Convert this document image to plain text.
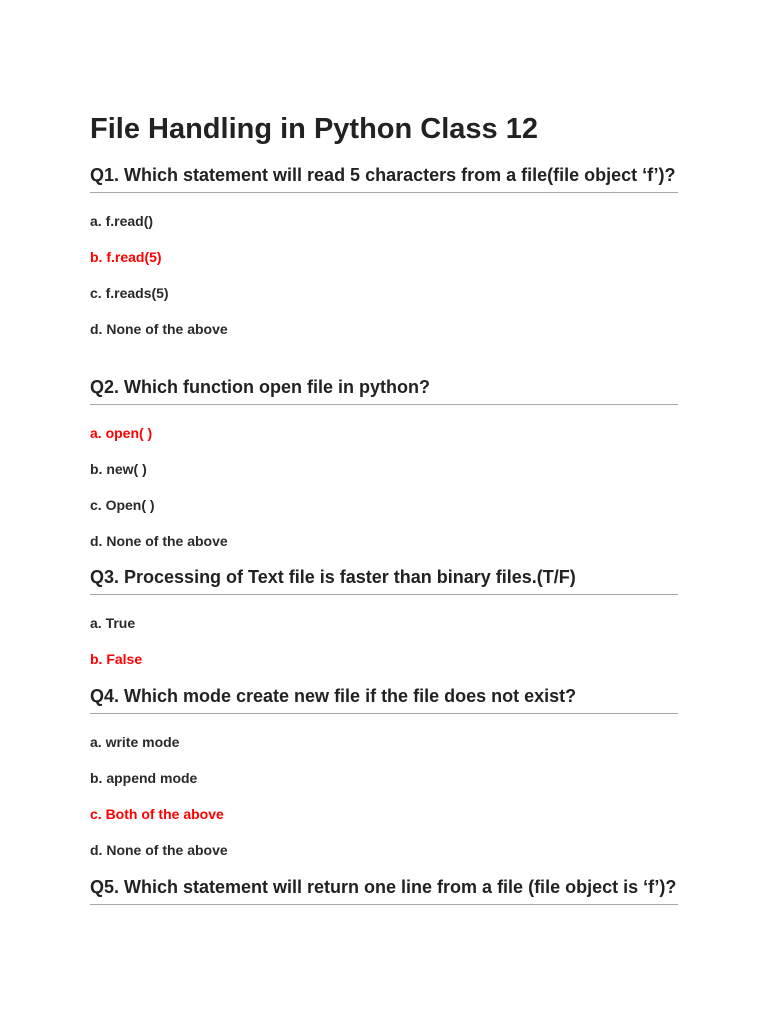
File Handling in Python Class 12

Q1. Which statement will read 5 characters from a file(file object ‘f’)?

a. f.read()
b. f.read(5)
c. f.reads(5)
d. None of the above

Q2. Which function open file in python?

a. open( )
b. new( )
c. Open( )
d. None of the above

Q3. Processing of Text file is faster than binary files.(T/F)

a. True
b. False

Q4. Which mode create new file if the file does not exist?

a. write mode
b. append mode
c. Both of the above
d. None of the above

Q5. Which statement will return one line from a file (file object is ‘f’)?
